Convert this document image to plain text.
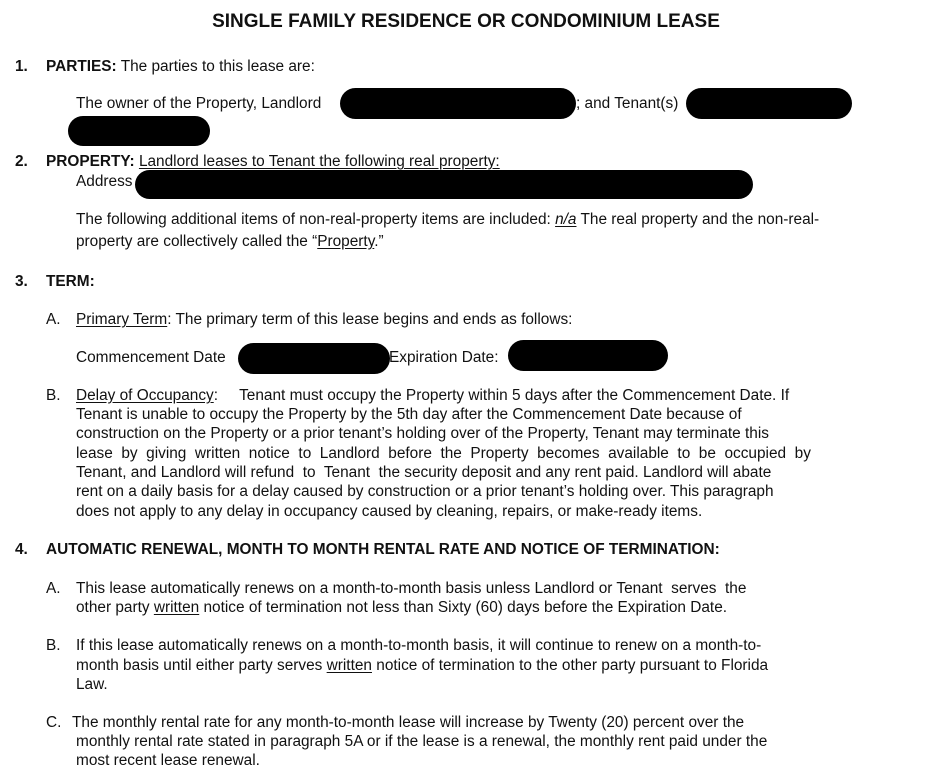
SINGLE FAMILY RESIDENCE OR CONDOMINIUM LEASE
1. PARTIES: The parties to this lease are:
The owner of the Property, Landlord	; and Tenant(s)
2. PROPERTY: Landlord leases to Tenant the following real property:
Address
The following additional items of non-real-property items are included: n/a The real property and the non-real-
property are collectively called the “Property.”
3. TERM:
A. Primary Term: The primary term of this lease begins and ends as follows:
Commencement Date	Expiration Date:
B. Delay of Occupancy:     Tenant must occupy the Property within 5 days after the Commencement Date. If
Tenant is unable to occupy the Property by the 5th day after the Commencement Date because of
construction on the Property or a prior tenant’s holding over of the Property, Tenant may terminate this
lease  by  giving  written  notice  to  Landlord  before  the  Property  becomes  available  to  be  occupied  by
Tenant, and Landlord will refund  to  Tenant  the security deposit and any rent paid. Landlord will abate
rent on a daily basis for a delay caused by construction or a prior tenant’s holding over. This paragraph
does not apply to any delay in occupancy caused by cleaning, repairs, or make-ready items.
4. AUTOMATIC RENEWAL, MONTH TO MONTH RENTAL RATE AND NOTICE OF TERMINATION:
A. This lease automatically renews on a month-to-month basis unless Landlord or Tenant  serves  the
other party written notice of termination not less than Sixty (60) days before the Expiration Date.
B. If this lease automatically renews on a month-to-month basis, it will continue to renew on a month-to-
month basis until either party serves written notice of termination to the other party pursuant to Florida
Law.
C. The monthly rental rate for any month-to-month lease will increase by Twenty (20) percent over the
monthly rental rate stated in paragraph 5A or if the lease is a renewal, the monthly rent paid under the
most recent lease renewal.
